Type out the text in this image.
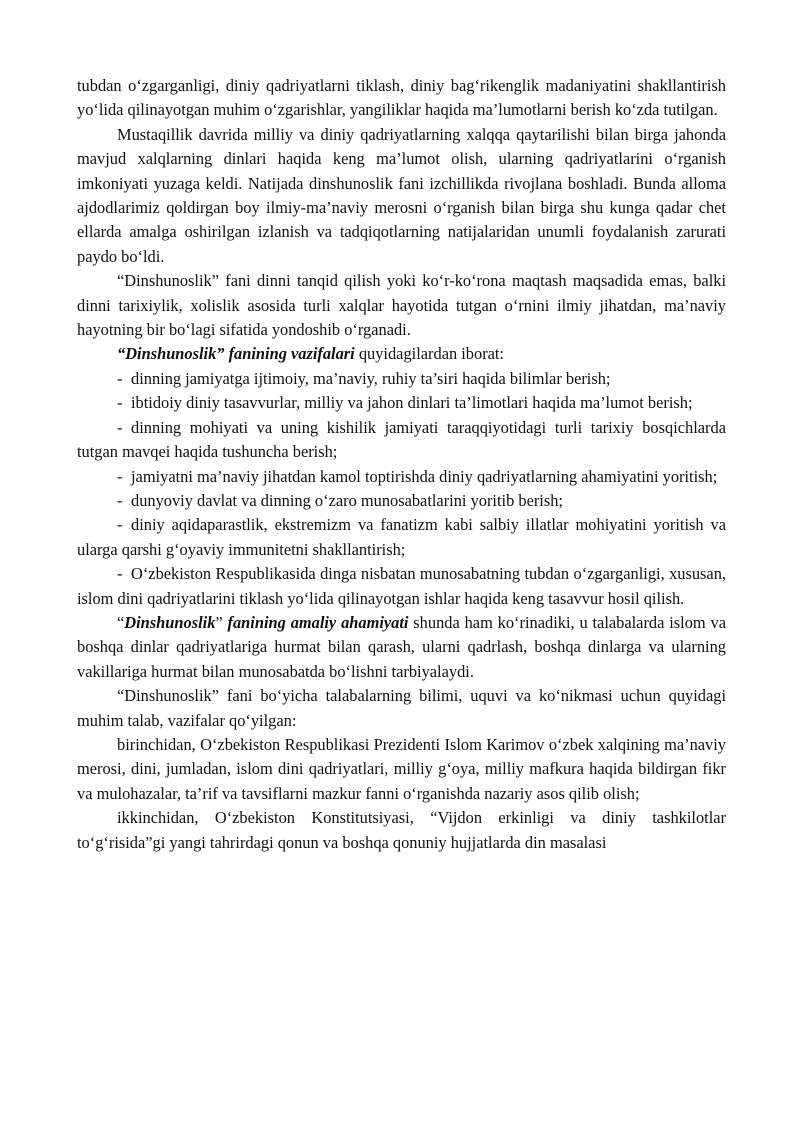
tubdan o‘zgarganligi, diniy qadriyatlarni tiklash, diniy bag‘rikenglik madaniyatini shakllantirish yo‘lida qilinayotgan muhim o‘zgarishlar, yangiliklar haqida ma’lumotlarni berish ko‘zda tutilgan.

Mustaqillik davrida milliy va diniy qadriyatlarning xalqqa qaytarilishi bilan birga jahonda mavjud xalqlarning dinlari haqida keng ma’lumot olish, ularning qadriyatlarini o‘rganish imkoniyati yuzaga keldi. Natijada dinshunoslik fani izchillikda rivojlana boshladi. Bunda alloma ajdodlarimiz qoldirgan boy ilmiy-ma’naviy merosni o‘rganish bilan birga shu kunga qadar chet ellarda amalga oshirilgan izlanish va tadqiqotlarning natijalaridan unumli foydalanish zarurati paydo bo‘ldi.

“Dinshunoslik” fani dinni tanqid qilish yoki ko‘r-ko‘rona maqtash maqsadida emas, balki dinni tarixiylik, xolislik asosida turli xalqlar hayotida tutgan o‘rnini ilmiy jihatdan, ma’naviy hayotning bir bo‘lagi sifatida yondoshib o‘rganadi.

“Dinshunoslik” fanining vazifalari quyidagilardan iborat:

- dinning jamiyatga ijtimoiy, ma’naviy, ruhiy ta’siri haqida bilimlar berish;

- ibtidoiy diniy tasavvurlar, milliy va jahon dinlari ta’limotlari haqida ma’lumot berish;

- dinning mohiyati va uning kishilik jamiyati taraqqiyotidagi turli tarixiy bosqichlarda tutgan mavqei haqida tushuncha berish;

- jamiyatni ma’naviy jihatdan kamol toptirishda diniy qadriyatlarning ahamiyatini yoritish;

- dunyoviy davlat va dinning o‘zaro munosabatlarini yoritib berish;

- diniy aqidaparastlik, ekstremizm va fanatizm kabi salbiy illatlar mohiyatini yoritish va ularga qarshi g‘oyaviy immunitetni shakllantirish;

- O‘zbekiston Respublikasida dinga nisbatan munosabatning tubdan o‘zgarganligi, xususan, islom dini qadriyatlarini tiklash yo‘lida qilinayotgan ishlar haqida keng tasavvur hosil qilish.

“Dinshunoslik” fanining amaliy ahamiyati shunda ham ko‘rinadiki, u talabalarda islom va boshqa dinlar qadriyatlariga hurmat bilan qarash, ularni qadrlash, boshqa dinlarga va ularning vakillariga hurmat bilan munosabatda bo‘lishni tarbiyalaydi.

“Dinshunoslik” fani bo‘yicha talabalarning bilimi, uquvi va ko‘nikmasi uchun quyidagi muhim talab, vazifalar qo‘yilgan:

birinchidan, O‘zbekiston Respublikasi Prezidenti Islom Karimov o‘zbek xalqining ma’naviy merosi, dini, jumladan, islom dini qadriyatlari, milliy g‘oya, milliy mafkura haqida bildirgan fikr va mulohazalar, ta’rif va tavsiflarni mazkur fanni o‘rganishda nazariy asos qilib olish;

ikkinchidan, O‘zbekiston Konstitutsiyasi, “Vijdon erkinligi va diniy tashkilotlar to‘g‘risida”gi yangi tahrirdagi qonun va boshqa qonuniy hujjatlarda din masalasi
